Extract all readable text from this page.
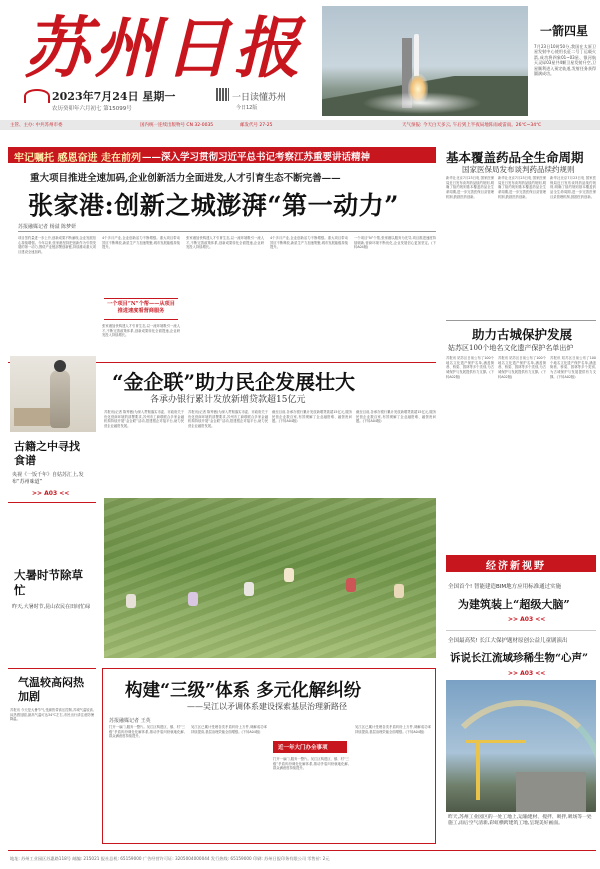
苏州日报
2023年7月24日 星期一
农历癸卯年六月初七 第15099号
一日读懂苏州
今日12版
一箭四星
7月23日10时50分,我国在太原卫星发射中心使用长征二号丁运载火箭,成功将四象01~03星、银河航天灵犀03星共4颗卫星发射升空,卫星顺利进入预定轨道,发射任务获得圆满成功。
主管、主办: 中共苏州市委	国内统一连续出版物号 CN 32-0035	邮发代号 27-25	天气预报: 今天白天多云, 午后到上半夜局地阵雨或雷雨。26℃~34℃
牢记嘱托 感恩奋进 走在前列 ——深入学习贯彻习近平总书记考察江苏重要讲话精神
重大项目推进全速加码,企业创新活力全面进发,人才引育生态不断完善——
张家港:创新之城澎湃“第一动力”
苏报融媒记者 杨溢 陈梦妍
项目签约量进一步上升,创新成果不断涌现,企业发展信心持续增强。今年以来,张家港坚持把创新作为引领发展的第一动力,围绕产业链部署创新链,持续推动重大项目建设全速加码。
4个多月产业,企业创新活力不断增强。重大项目带动效应不断释放,新质生产力加速集聚,城市发展能级持续提升。
一个项目“N”个帮——从项目推进速度看营商服务
张家港加快构建人才引育生态,以一流环境吸引一流人才,不断完善政策体系,创新成果转化全面提速,企业研发投入持续增长。
张家港加快构建人才引育生态,以一流环境吸引一流人才,不断完善政策体系,创新成果转化全面提速,企业研发投入持续增长。
4个多月产业,企业创新活力不断增强。重大项目带动效应不断释放,新质生产力加速集聚,城市发展能级持续提升。
一个项目“N”个帮,张家港以服务为先导,项目推进速度持续刷新,营商环境不断优化,企业发展信心更加坚定。(下转A04版)
基本覆盖药品全生命周期
国家医保局发布谈判药品续约规则
新华社北京7月23日电 国家医保局近日发布谈判药品续约规则,明确了续约规则基本覆盖药品全生命周期,进一步完善医保目录管理机制,鼓励医药创新。
新华社北京7月23日电 国家医保局近日发布谈判药品续约规则,明确了续约规则基本覆盖药品全生命周期,进一步完善医保目录管理机制,鼓励医药创新。
新华社北京7月23日电 国家医保局近日发布谈判药品续约规则,明确了续约规则基本覆盖药品全生命周期,进一步完善医保目录管理机制,鼓励医药创新。
助力古城保护发展
姑苏区100个地名文化遗产保护名单出炉
苏报讯 姑苏区日前公布了100个地名文化遗产保护名单,涵盖街巷、桥梁、园林等多个类别,为古城保护与发展提供有力支撑。(下转A02版)
苏报讯 姑苏区日前公布了100个地名文化遗产保护名单,涵盖街巷、桥梁、园林等多个类别,为古城保护与发展提供有力支撑。(下转A02版)
苏报讯 姑苏区日前公布了100个地名文化遗产保护名单,涵盖街巷、桥梁、园林等多个类别,为古城保护与发展提供有力支撑。(下转A02版)
经济新视野
全国首个! 智能建造BIM地方应用标准通过实施
为建筑装上“超级大脑”
>> A03 <<
全国最高奖! 长江大保护题材原创公益儿童剧演出
诉说长江流域珍稀生物“心声”
>> A03 <<
“金企联”助力民企发展壮大
各承办银行累计发放新增贷款超15亿元
古籍之中寻找食谱
央视《一饭千年》自姑苏汇上,发布“苏州味道”
>> A03 <<
苏报讯(记者 陈秀薇)为深入贯彻落实市委、市政府关于优化营商环境的部署要求,苏州市工商联联合多家金融机构持续开展“金企联”活动,搭建银企对接平台,助力民营企业融资发展。
苏报讯(记者 陈秀薇)为深入贯彻落实市委、市政府关于优化营商环境的部署要求,苏州市工商联联合多家金融机构持续开展“金企联”活动,搭建银企对接平台,助力民营企业融资发展。
截至目前,各承办银行累计发放新增贷款超15亿元,服务民营企业数百家,有效缓解了企业融资难、融资贵问题。(下转A04版)
截至目前,各承办银行累计发放新增贷款超15亿元,服务民营企业数百家,有效缓解了企业融资难、融资贵问题。(下转A04版)
大暑时节除草忙
昨天,大暑时节,昆山农民在田间忙碌
气温较高闷热加剧
苏报讯 今天是大暑节气,受副热带高压控制,苏城气温较高,闷热感加剧,最高气温可达34℃左右,市民出行请注意防暑降温。
构建“三级”体系 多元化解纠纷
——吴江以矛调体系建设探索基层治理新路径
苏报融媒记者 王英
打开一扇门,服务一整片。吴江区构建区、镇、村“三级”矛盾纠纷调处化解体系,推动矛盾纠纷就地化解,群众满意度持续提升。
吴江区已累计受理各类矛盾纠纷上万件,调解成功率持续提高,基层治理效能全面增强。(下转A04版)
近一年大门办全事项
打开一扇门,服务一整片。吴江区构建区、镇、村“三级”矛盾纠纷调处化解体系,推动矛盾纠纷就地化解,群众满意度持续提升。
吴江区已累计受理各类矛盾纠纷上万件,调解成功率持续提高,基层治理效能全面增强。(下转A04版)
昨天,苏州工业园区的一处工地上,运输建材、搅拌、吸拌,吸场等一处施工,雨后空气清新,彩虹横跨建筑工地,呈现美好画面。
地址: 苏州工业园区苏惠路118号 邮编: 215021 报社总机: 65159000 广告经营许可证: 3205004000044 发行热线: 65159000 印刷: 苏州日报印务有限公司 零售价: 2元
